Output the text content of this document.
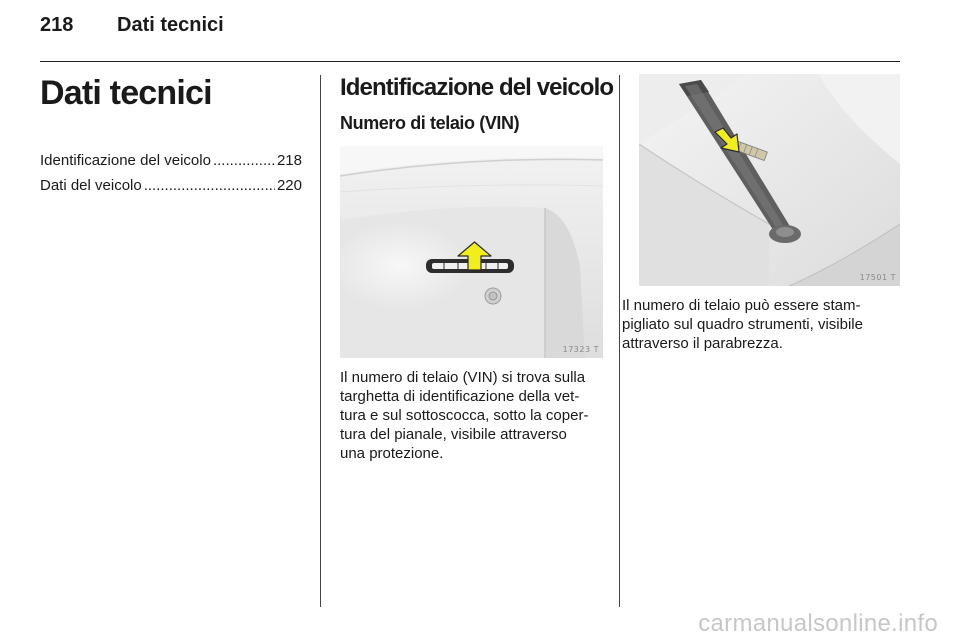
218 Dati tecnici
Dati tecnici
Identificazione del veicolo .....	218
Dati del veicolo .....	220
Identificazione del veicolo
Numero di telaio (VIN)
17323 T

Il numero di telaio (VIN) si trova sulla
targhetta di identificazione della vet-
tura e sul sottoscocca, sotto la coper-
tura del pianale, visibile attraverso
una protezione.

17501 T

Il numero di telaio può essere stam-
pigliato sul quadro strumenti, visibile
attraverso il parabrezza.

carmanualsonline.info
